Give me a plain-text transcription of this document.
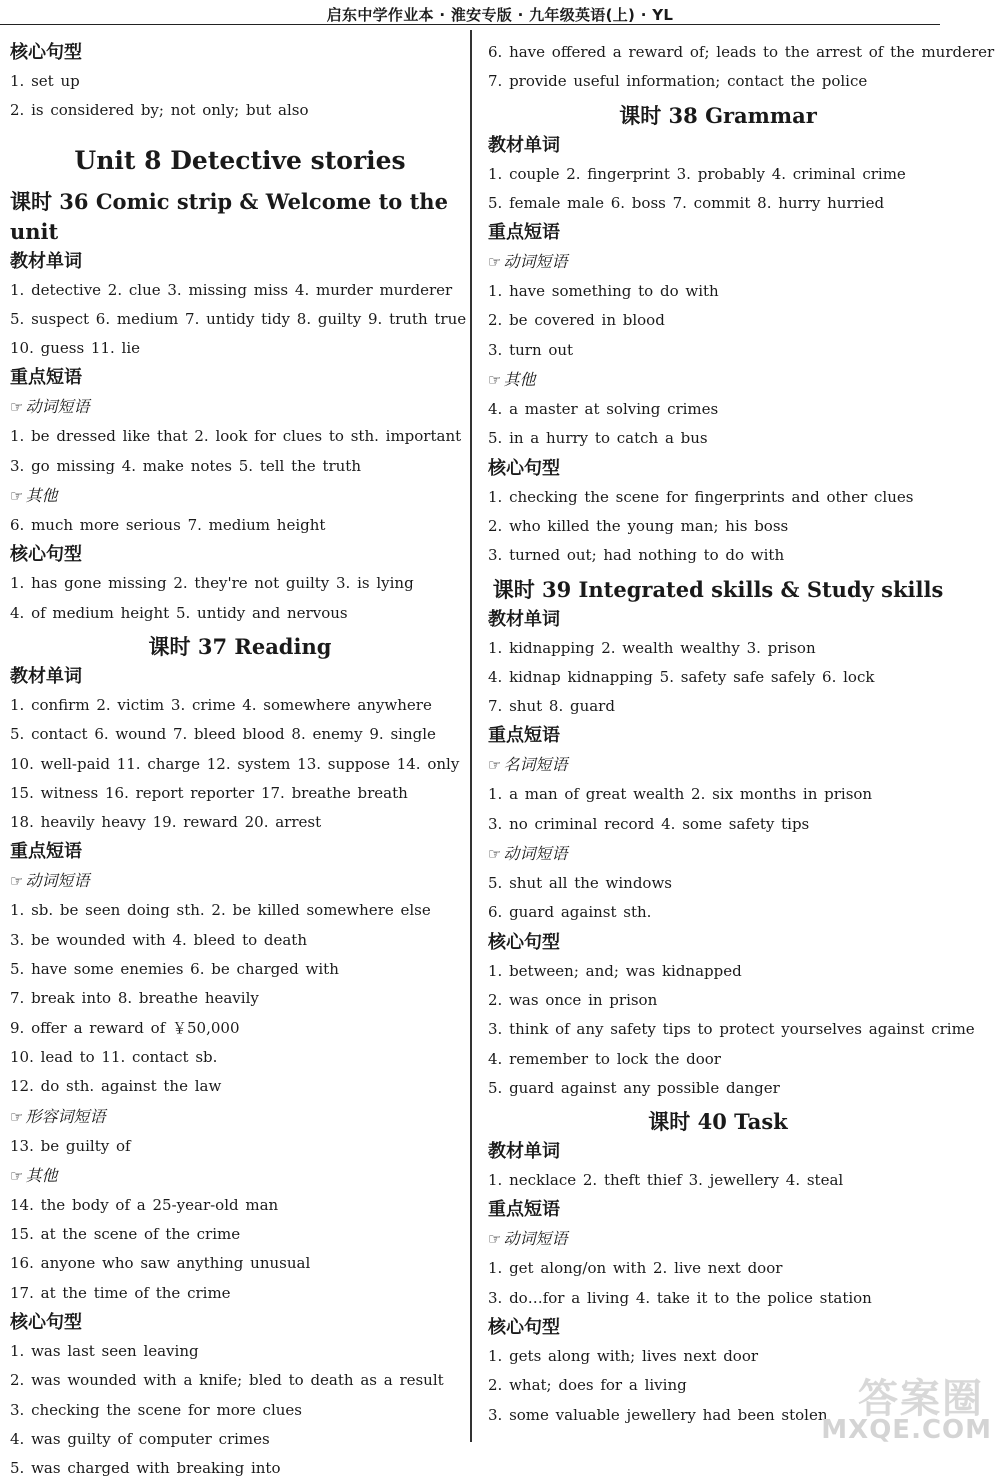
启东中学作业本 · 淮安专版 · 九年级英语(上) · YL
核心句型
1. set up
2. is considered by; not only; but also
Unit 8 Detective stories
课时 36 Comic strip & Welcome to the unit
教材单词
1. detective 2. clue 3. missing miss 4. murder murderer
5. suspect 6. medium 7. untidy tidy 8. guilty 9. truth true
10. guess 11. lie
重点短语
☞ 动词短语
1. be dressed like that 2. look for clues to sth. important
3. go missing 4. make notes 5. tell the truth
☞ 其他
6. much more serious 7. medium height
核心句型
1. has gone missing 2. they're not guilty 3. is lying
4. of medium height 5. untidy and nervous
课时 37 Reading
教材单词
1. confirm 2. victim 3. crime 4. somewhere anywhere
5. contact 6. wound 7. bleed blood 8. enemy 9. single
10. well-paid 11. charge 12. system 13. suppose 14. only
15. witness 16. report reporter 17. breathe breath
18. heavily heavy 19. reward 20. arrest
重点短语
☞ 动词短语
1. sb. be seen doing sth. 2. be killed somewhere else
3. be wounded with 4. bleed to death
5. have some enemies 6. be charged with
7. break into 8. breathe heavily
9. offer a reward of ￥50,000
10. lead to 11. contact sb.
12. do sth. against the law
☞ 形容词短语
13. be guilty of
☞ 其他
14. the body of a 25-year-old man
15. at the scene of the crime
16. anyone who saw anything unusual
17. at the time of the crime
核心句型
1. was last seen leaving
2. was wounded with a knife; bled to death as a result
3. checking the scene for more clues
4. was guilty of computer crimes
5. was charged with breaking into
6. have offered a reward of; leads to the arrest of the murderer
7. provide useful information; contact the police
课时 38 Grammar
教材单词
1. couple 2. fingerprint 3. probably 4. criminal crime
5. female male 6. boss 7. commit 8. hurry hurried
重点短语
☞ 动词短语
1. have something to do with
2. be covered in blood
3. turn out
☞ 其他
4. a master at solving crimes
5. in a hurry to catch a bus
核心句型
1. checking the scene for fingerprints and other clues
2. who killed the young man; his boss
3. turned out; had nothing to do with
课时 39 Integrated skills & Study skills
教材单词
1. kidnapping 2. wealth wealthy 3. prison
4. kidnap kidnapping 5. safety safe safely 6. lock
7. shut 8. guard
重点短语
☞ 名词短语
1. a man of great wealth 2. six months in prison
3. no criminal record 4. some safety tips
☞ 动词短语
5. shut all the windows
6. guard against sth.
核心句型
1. between; and; was kidnapped
2. was once in prison
3. think of any safety tips to protect yourselves against crime
4. remember to lock the door
5. guard against any possible danger
课时 40 Task
教材单词
1. necklace 2. theft thief 3. jewellery 4. steal
重点短语
☞ 动词短语
1. get along/on with 2. live next door
3. do…for a living 4. take it to the police station
核心句型
1. gets along with; lives next door
2. what; does for a living
3. some valuable jewellery had been stolen 答案圈
MXQE.COM
